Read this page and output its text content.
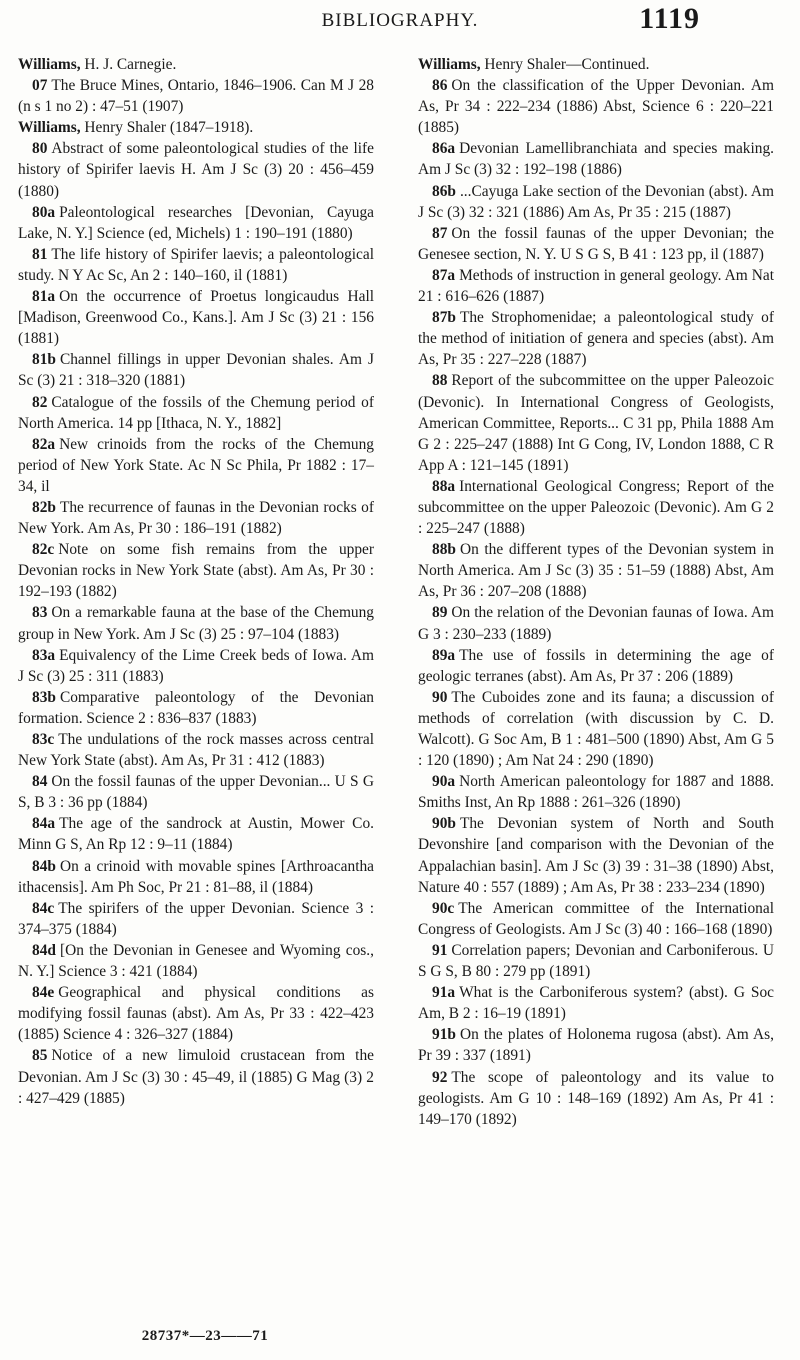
BIBLIOGRAPHY.	1119

Williams, H. J. Carnegie.

07 The Bruce Mines, Ontario, 1846–1906. Can M J 28 (n s 1 no 2) : 47–51 (1907)

Williams, Henry Shaler (1847–1918).

80 Abstract of some paleontological studies of the life history of Spirifer laevis H. Am J Sc (3) 20 : 456–459 (1880)

80a Paleontological researches [Devonian, Cayuga Lake, N. Y.] Science (ed, Michels) 1 : 190–191 (1880)

81 The life history of Spirifer laevis; a paleontological study. N Y Ac Sc, An 2 : 140–160, il (1881)

81a On the occurrence of Proetus longicaudus Hall [Madison, Greenwood Co., Kans.]. Am J Sc (3) 21 : 156 (1881)

81b Channel fillings in upper Devonian shales. Am J Sc (3) 21 : 318–320 (1881)

82 Catalogue of the fossils of the Chemung period of North America. 14 pp [Ithaca, N. Y., 1882]

82a New crinoids from the rocks of the Chemung period of New York State. Ac N Sc Phila, Pr 1882 : 17–34, il

82b The recurrence of faunas in the Devonian rocks of New York. Am As, Pr 30 : 186–191 (1882)

82c Note on some fish remains from the upper Devonian rocks in New York State (abst). Am As, Pr 30 : 192–193 (1882)

83 On a remarkable fauna at the base of the Chemung group in New York. Am J Sc (3) 25 : 97–104 (1883)

83a Equivalency of the Lime Creek beds of Iowa. Am J Sc (3) 25 : 311 (1883)

83b Comparative paleontology of the Devonian formation. Science 2 : 836–837 (1883)

83c The undulations of the rock masses across central New York State (abst). Am As, Pr 31 : 412 (1883)

84 On the fossil faunas of the upper Devonian... U S G S, B 3 : 36 pp (1884)

84a The age of the sandrock at Austin, Mower Co. Minn G S, An Rp 12 : 9–11 (1884)

84b On a crinoid with movable spines [Arthroacantha ithacensis]. Am Ph Soc, Pr 21 : 81–88, il (1884)

84c The spirifers of the upper Devonian. Science 3 : 374–375 (1884)

84d [On the Devonian in Genesee and Wyoming cos., N. Y.] Science 3 : 421 (1884)

84e Geographical and physical conditions as modifying fossil faunas (abst). Am As, Pr 33 : 422–423 (1885) Science 4 : 326–327 (1884)

85 Notice of a new limuloid crustacean from the Devonian. Am J Sc (3) 30 : 45–49, il (1885) G Mag (3) 2 : 427–429 (1885)

Williams, Henry Shaler—Continued.

86 On the classification of the Upper Devonian. Am As, Pr 34 : 222–234 (1886) Abst, Science 6 : 220–221 (1885)

86a Devonian Lamellibranchiata and species making. Am J Sc (3) 32 : 192–198 (1886)

86b ...Cayuga Lake section of the Devonian (abst). Am J Sc (3) 32 : 321 (1886) Am As, Pr 35 : 215 (1887)

87 On the fossil faunas of the upper Devonian; the Genesee section, N. Y. U S G S, B 41 : 123 pp, il (1887)

87a Methods of instruction in general geology. Am Nat 21 : 616–626 (1887)

87b The Strophomenidae; a paleontological study of the method of initiation of genera and species (abst). Am As, Pr 35 : 227–228 (1887)

88 Report of the subcommittee on the upper Paleozoic (Devonic). In International Congress of Geologists, American Committee, Reports... C 31 pp, Phila 1888 Am G 2 : 225–247 (1888) Int G Cong, IV, London 1888, C R App A : 121–145 (1891)

88a International Geological Congress; Report of the subcommittee on the upper Paleozoic (Devonic). Am G 2 : 225–247 (1888)

88b On the different types of the Devonian system in North America. Am J Sc (3) 35 : 51–59 (1888) Abst, Am As, Pr 36 : 207–208 (1888)

89 On the relation of the Devonian faunas of Iowa. Am G 3 : 230–233 (1889)

89a The use of fossils in determining the age of geologic terranes (abst). Am As, Pr 37 : 206 (1889)

90 The Cuboides zone and its fauna; a discussion of methods of correlation (with discussion by C. D. Walcott). G Soc Am, B 1 : 481–500 (1890) Abst, Am G 5 : 120 (1890) ; Am Nat 24 : 290 (1890)

90a North American paleontology for 1887 and 1888. Smiths Inst, An Rp 1888 : 261–326 (1890)

90b The Devonian system of North and South Devonshire [and comparison with the Devonian of the Appalachian basin]. Am J Sc (3) 39 : 31–38 (1890) Abst, Nature 40 : 557 (1889) ; Am As, Pr 38 : 233–234 (1890)

90c The American committee of the International Congress of Geologists. Am J Sc (3) 40 : 166–168 (1890)

91 Correlation papers; Devonian and Carboniferous. U S G S, B 80 : 279 pp (1891)

91a What is the Carboniferous system? (abst). G Soc Am, B 2 : 16–19 (1891)

91b On the plates of Holonema rugosa (abst). Am As, Pr 39 : 337 (1891)

92 The scope of paleontology and its value to geologists. Am G 10 : 148–169 (1892) Am As, Pr 41 : 149–170 (1892)

28737*—23——71
